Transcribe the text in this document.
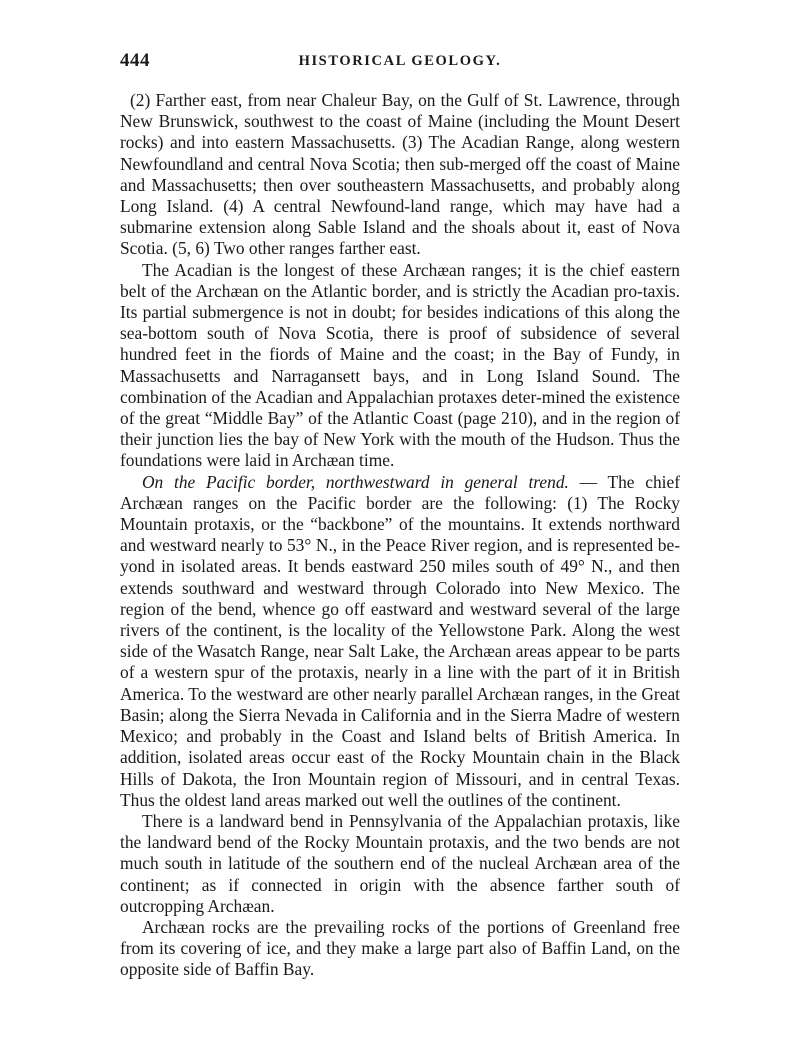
444	HISTORICAL GEOLOGY.

(2) Farther east, from near Chaleur Bay, on the Gulf of St. Lawrence, through New Brunswick, southwest to the coast of Maine (including the Mount Desert rocks) and into eastern Massachusetts. (3) The Acadian Range, along western Newfoundland and central Nova Scotia; then sub-merged off the coast of Maine and Massachusetts; then over southeastern Massachusetts, and probably along Long Island. (4) A central Newfound-land range, which may have had a submarine extension along Sable Island and the shoals about it, east of Nova Scotia. (5, 6) Two other ranges farther east.

The Acadian is the longest of these Archæan ranges; it is the chief eastern belt of the Archæan on the Atlantic border, and is strictly the Acadian pro-taxis. Its partial submergence is not in doubt; for besides indications of this along the sea-bottom south of Nova Scotia, there is proof of subsidence of several hundred feet in the fiords of Maine and the coast; in the Bay of Fundy, in Massachusetts and Narragansett bays, and in Long Island Sound. The combination of the Acadian and Appalachian protaxes deter-mined the existence of the great “Middle Bay” of the Atlantic Coast (page 210), and in the region of their junction lies the bay of New York with the mouth of the Hudson. Thus the foundations were laid in Archæan time.

On the Pacific border, northwestward in general trend. — The chief Archæan ranges on the Pacific border are the following: (1) The Rocky Mountain protaxis, or the “backbone” of the mountains. It extends northward and westward nearly to 53° N., in the Peace River region, and is represented be-yond in isolated areas. It bends eastward 250 miles south of 49° N., and then extends southward and westward through Colorado into New Mexico. The region of the bend, whence go off eastward and westward several of the large rivers of the continent, is the locality of the Yellowstone Park. Along the west side of the Wasatch Range, near Salt Lake, the Archæan areas appear to be parts of a western spur of the protaxis, nearly in a line with the part of it in British America. To the westward are other nearly parallel Archæan ranges, in the Great Basin; along the Sierra Nevada in California and in the Sierra Madre of western Mexico; and probably in the Coast and Island belts of British America. In addition, isolated areas occur east of the Rocky Mountain chain in the Black Hills of Dakota, the Iron Mountain region of Missouri, and in central Texas. Thus the oldest land areas marked out well the outlines of the continent.

There is a landward bend in Pennsylvania of the Appalachian protaxis, like the landward bend of the Rocky Mountain protaxis, and the two bends are not much south in latitude of the southern end of the nucleal Archæan area of the continent; as if connected in origin with the absence farther south of outcropping Archæan.

Archæan rocks are the prevailing rocks of the portions of Greenland free from its covering of ice, and they make a large part also of Baffin Land, on the opposite side of Baffin Bay.
